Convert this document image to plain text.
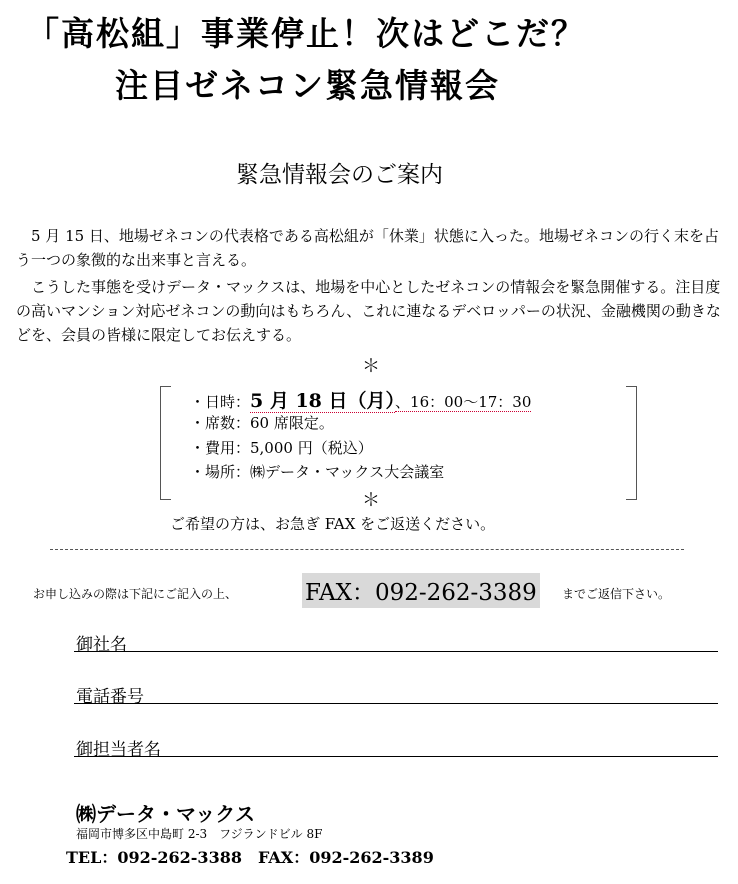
「高松組」事業停止！次はどこだ？
注目ゼネコン緊急情報会
緊急情報会のご案内
　5 月 15 日、地場ゼネコンの代表格である高松組が「休業」状態に入った。地場ゼネコンの行く末を占う一つの象徴的な出来事と言える。
　こうした事態を受けデータ・マックスは、地場を中心としたゼネコンの情報会を緊急開催する。注目度の高いマンション対応ゼネコンの動向はもちろん、これに連なるデベロッパーの状況、金融機関の動きなどを、会員の皆様に限定してお伝えする。
＊
・日時：5 月 18 日（月）、16：00～17：30
・席数：60 席限定。
・費用：5,000 円（税込）
・場所：㈱データ・マックス大会議室
＊
ご希望の方は、お急ぎ FAX をご返送ください。
お申し込みの際は下記にご記入の上、	FAX：092-262-3389 までご返信下さい。
御社名
電話番号
御担当者名
㈱データ・マックス
福岡市博多区中島町 2-3　フジランドビル 8F
TEL：092-262-3388　FAX：092-262-3389
